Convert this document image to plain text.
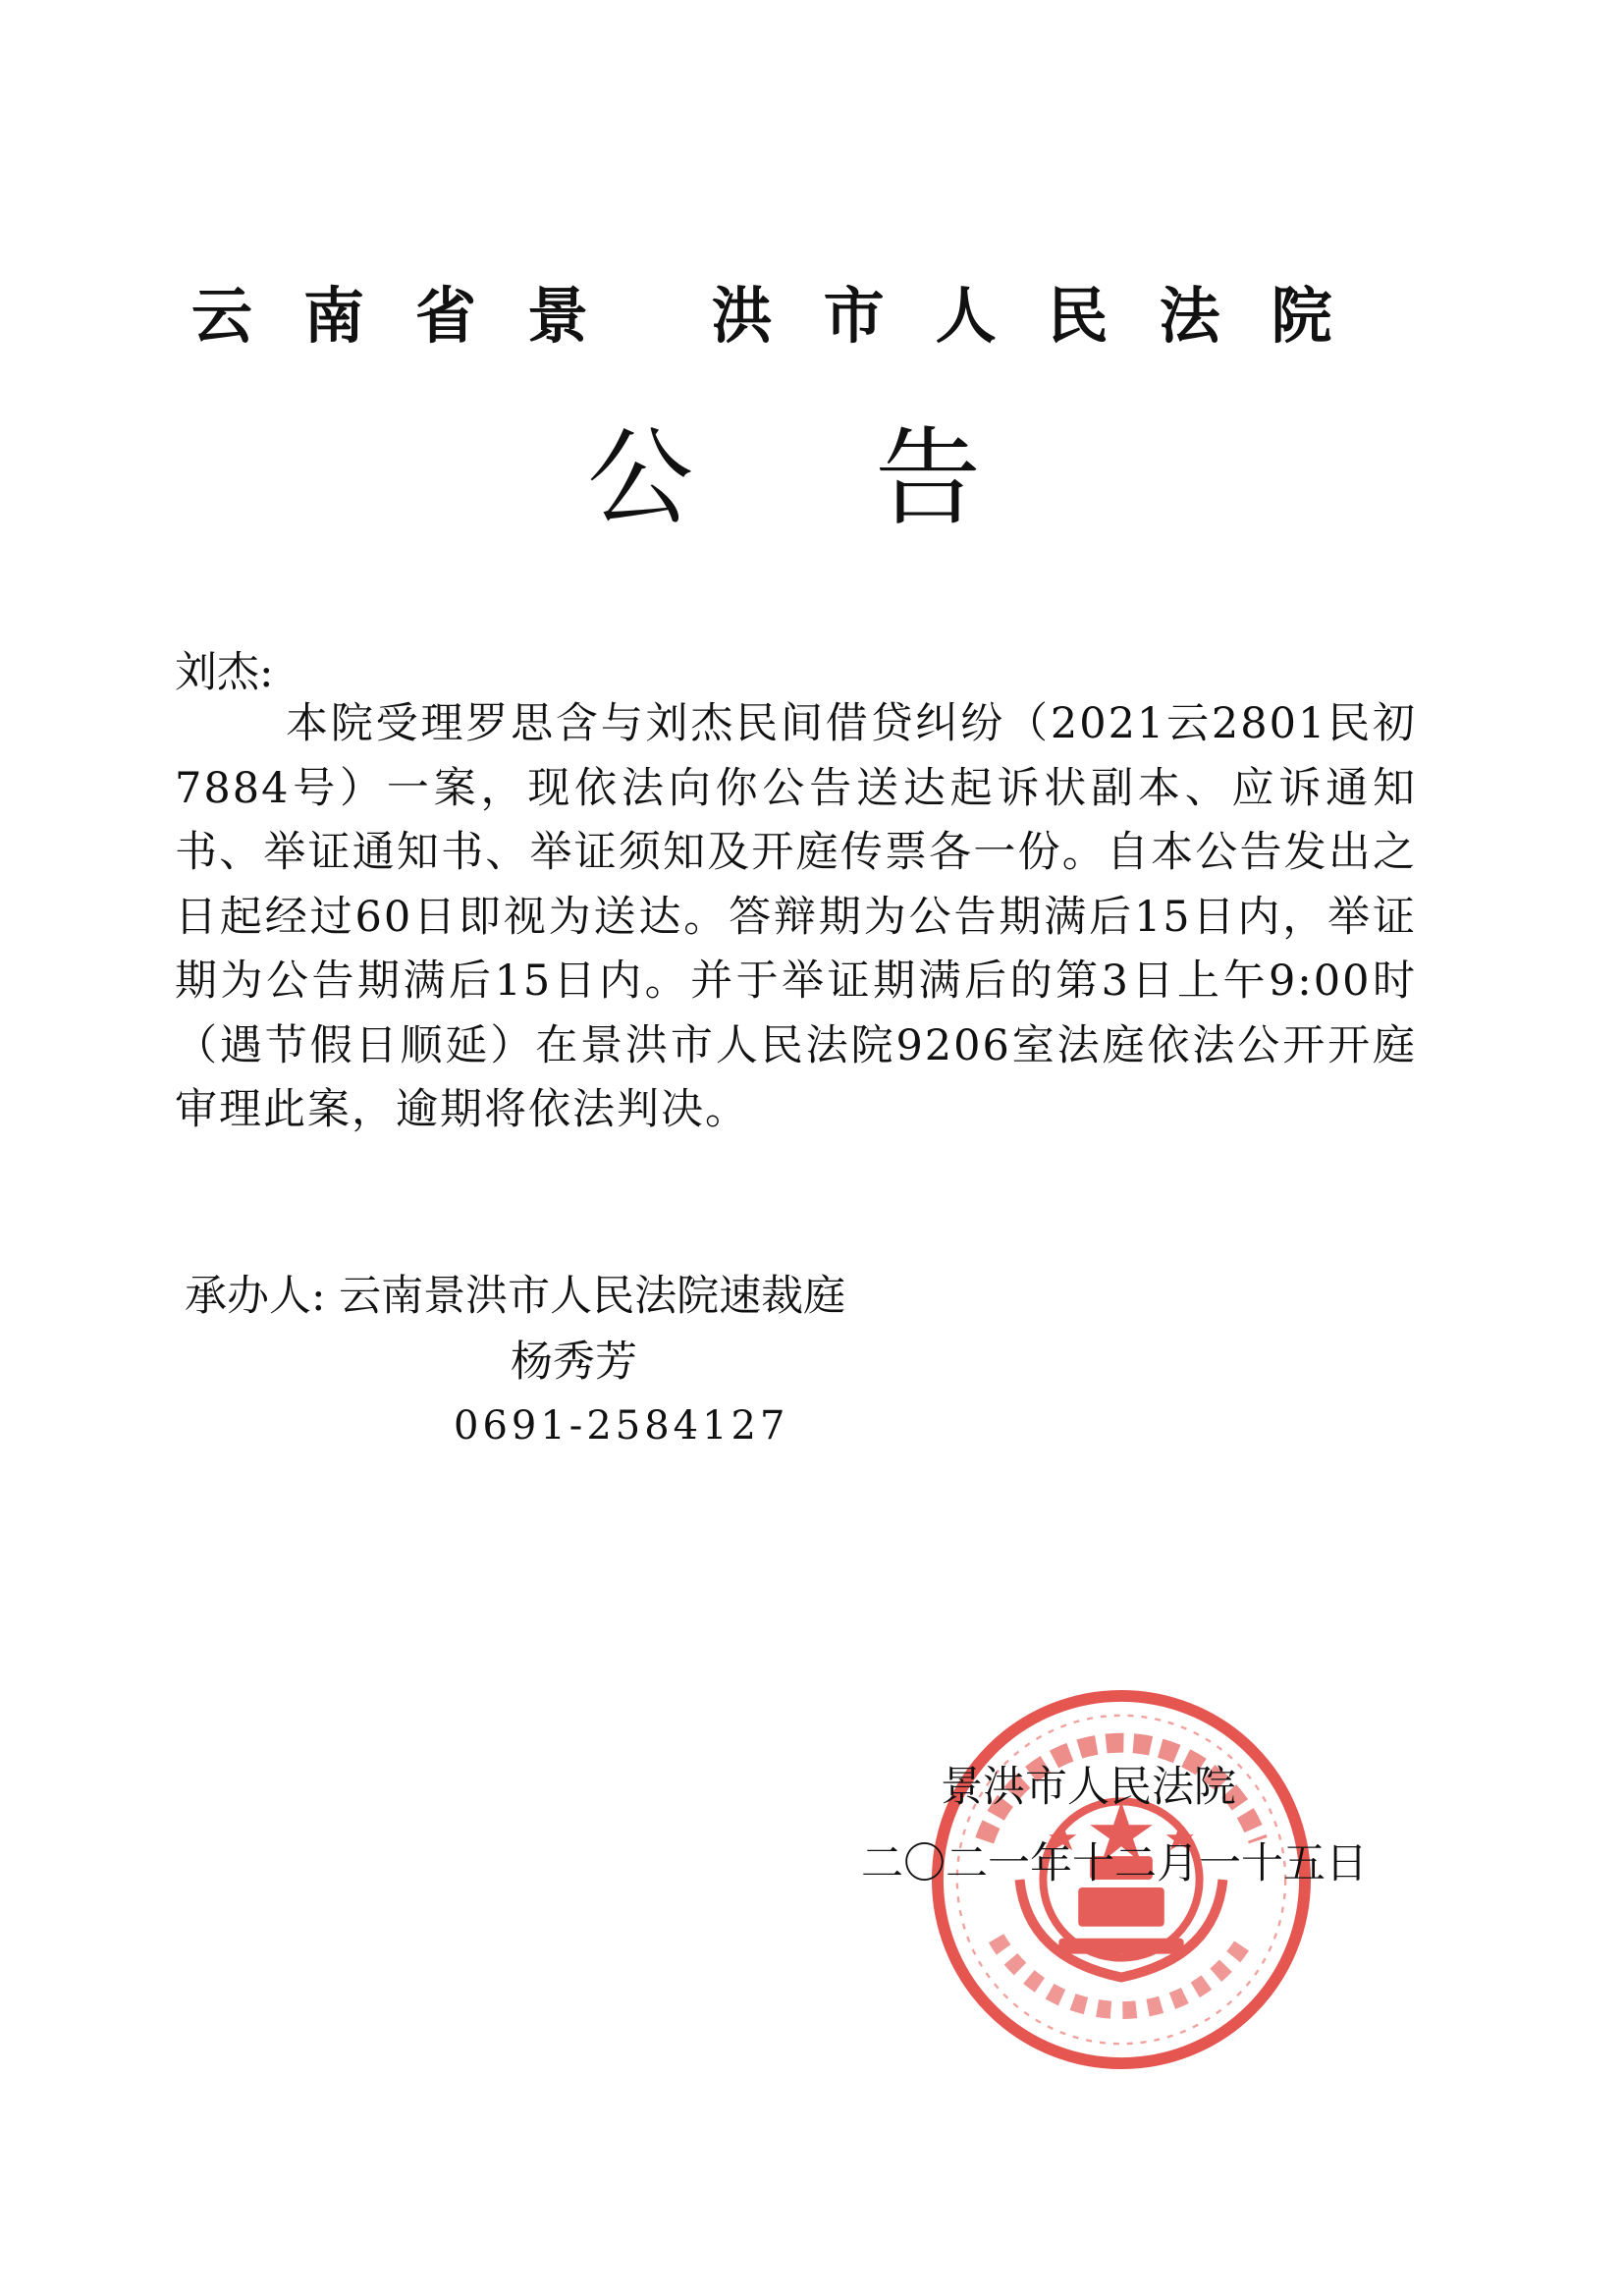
云南省景 洪市人民法院
公告
刘杰:
本院受理罗思含与刘杰民间借贷纠纷（2021云2801民初7884号）一案，现依法向你公告送达起诉状副本、应诉通知书、举证通知书、举证须知及开庭传票各一份。自本公告发出之日起经过60日即视为送达。答辩期为公告期满后15日内，举证期为公告期满后15日内。并于举证期满后的第3日上午9:00时（遇节假日顺延）在景洪市人民法院9206室法庭依法公开开庭审理此案，逾期将依法判决。
承办人: 云南景洪市人民法院速裁庭
杨秀芳
0691-2584127
景洪市人民法院
二〇二一年十二月一十五日
